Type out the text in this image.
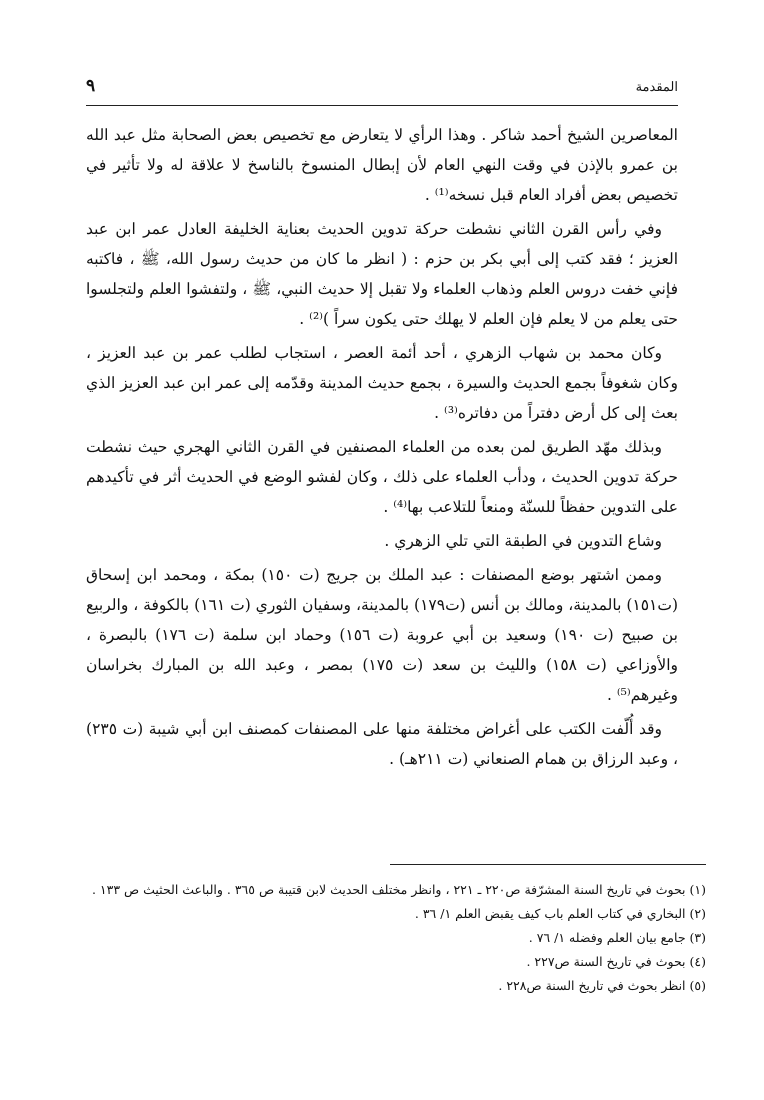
المقدمة
٩

المعاصرين الشيخ أحمد شاكر . وهذا الرأي لا يتعارض مع تخصيص بعض الصحابة مثل عبد الله بن عمرو بالإذن في وقت النهي العام لأن إبطال المنسوخ بالناسخ لا علاقة له ولا تأثير في تخصيص بعض أفراد العام قبل نسخه⁽¹⁾ .

وفي رأس القرن الثاني نشطت حركة تدوين الحديث بعناية الخليفة العادل عمر ابن عبد العزيز ؛ فقد كتب إلى أبي بكر بن حزم : ( انظر ما كان من حديث رسول الله، ﷺ ، فاكتبه فإني خفت دروس العلم وذهاب العلماء ولا تقبل إلا حديث النبي، ﷺ ، ولتفشوا العلم ولتجلسوا حتى يعلم من لا يعلم فإن العلم لا يهلك حتى يكون سراً )⁽²⁾ .

وكان محمد بن شهاب الزهري ، أحد أئمة العصر ، استجاب لطلب عمر بن عبد العزيز ، وكان شغوفاً بجمع الحديث والسيرة ، بجمع حديث المدينة وقدّمه إلى عمر ابن عبد العزيز الذي بعث إلى كل أرض دفتراً من دفاتره⁽³⁾ .

وبذلك مهّد الطريق لمن بعده من العلماء المصنفين في القرن الثاني الهجري حيث نشطت حركة تدوين الحديث ، ودأب العلماء على ذلك ، وكان لفشو الوضع في الحديث أثر في تأكيدهم على التدوين حفظاً للسنّة ومنعاً للتلاعب بها⁽⁴⁾ .

وشاع التدوين في الطبقة التي تلي الزهري .

وممن اشتهر بوضع المصنفات : عبد الملك بن جريج (ت ١٥٠) بمكة ، ومحمد ابن إسحاق (ت١٥١) بالمدينة، ومالك بن أنس (ت١٧٩) بالمدينة، وسفيان الثوري (ت ١٦١) بالكوفة ، والربيع بن صبيح (ت ١٩٠) وسعيد بن أبي عروبة (ت ١٥٦) وحماد ابن سلمة (ت ١٧٦) بالبصرة ، والأوزاعي (ت ١٥٨) والليث بن سعد (ت ١٧٥) بمصر ، وعبد الله بن المبارك بخراسان وغيرهم⁽⁵⁾ .

وقد أُلّفت الكتب على أغراض مختلفة منها على المصنفات كمصنف ابن أبي شيبة (ت ٢٣٥) ، وعبد الرزاق بن همام الصنعاني (ت ٢١١هـ) .

(١) بحوث في تاريخ السنة المشرّفة ص٢٢٠ ـ ٢٢١ ، وانظر مختلف الحديث لابن قتيبة ص ٣٦٥ . والباعث الحثيث ص ١٣٣ .
(٢) البخاري في كتاب العلم باب كيف يقبض العلم ١/ ٣٦ .
(٣) جامع بيان العلم وفضله ١/ ٧٦ .
(٤) بحوث في تاريخ السنة ص٢٢٧ .
(٥) انظر بحوث في تاريخ السنة ص٢٢٨ .
